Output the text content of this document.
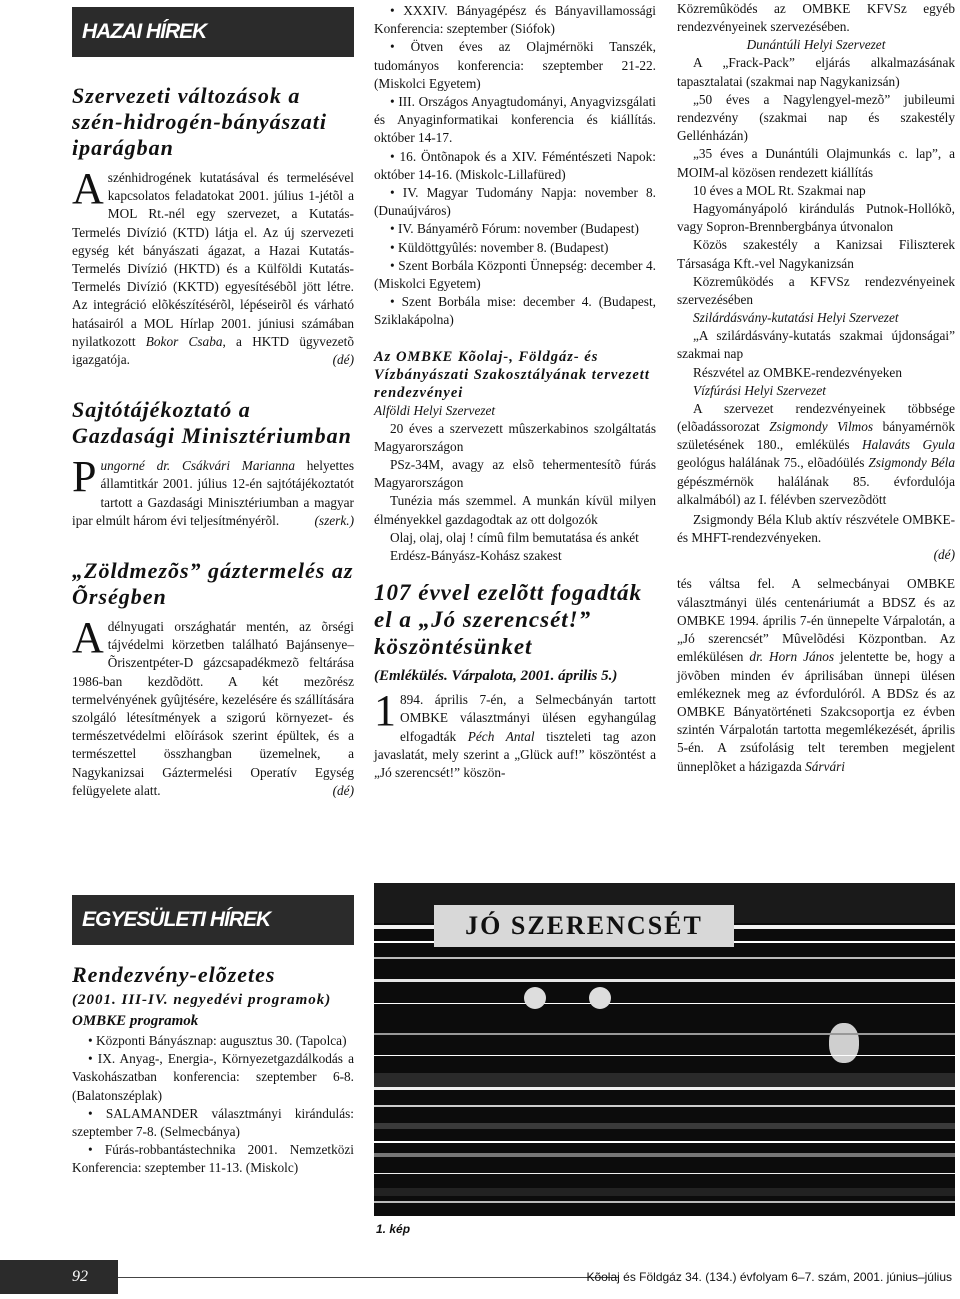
HAZAI HÍREK
Szervezeti változások a szén-hidrogén-bányászati iparágban

Aszénhidrogének kutatásával és termelésével kapcsolatos feladatokat 2001. július 1-jétõl a MOL Rt.-nél egy szervezet, a Kutatás-Termelés Divízió (KTD) látja el. Az új szervezeti egység két bányászati ágazat, a Hazai Kutatás-Termelés Divízió (HKTD) és a Külföldi Kutatás-Termelés Divízió (KKTD) egyesítésébõl jött létre. Az integráció elõkészítésérõl, lépéseirõl és várható hatásairól a MOL Hírlap 2001. júniusi számában nyilatkozott Bokor Csaba, a HKTD ügyvezetõ igazgatója.	(dé)

Sajtótájékoztató a Gazdasági Minisztériumban

Pungorné dr. Csákvári Marianna helyettes államtitkár 2001. július 12-én sajtótájékoztatót tartott a Gazdasági Minisztériumban a magyar ipar elmúlt három évi teljesítményérõl.	(szerk.)

„Zöldmezõs” gáztermelés az Õrségben

Adélnyugati országhatár mentén, az õrségi tájvédelmi körzetben található Bajánsenye–Õriszentpéter-D gázcsapadékmezõ feltárása 1986-ban kezdõdött. A két mezõrész termelvényének gyûjtésére, kezelésére és szállítására szolgáló létesítmények a szigorú környezet- és természetvédelmi elõírások szerint épültek, és a természettel összhangban üzemelnek, a Nagykanizsai Gáztermelési Operatív Egység felügyelete alatt.	(dé)

EGYESÜLETI HÍREK
Rendezvény-elõzetes
(2001. III-IV. negyedévi programok)
OMBKE programok
• Központi Bányásznap: augusztus 30. (Tapolca)
• IX. Anyag-, Energia-, Környezetgazdálkodás a Vaskohászatban konferencia: szeptember 6-8. (Balatonszéplak)
• SALAMANDER választmányi kirándulás: szeptember 7-8. (Selmecbánya)
• Fúrás-robbantástechnika 2001. Nemzetközi Konferencia: szeptember 11-13. (Miskolc)
• XXXIV. Bányagépész és Bányavillamossági Konferencia: szeptember (Siófok)
• Ötven éves az Olajmérnöki Tanszék, tudományos konferencia: szeptember 21-22. (Miskolci Egyetem)
• III. Országos Anyagtudományi, Anyagvizsgálati és Anyaginformatikai konferencia és kiállítás. október 14-17.
• 16. Öntõnapok és a XIV. Féméntészeti Napok: október 14-16. (Miskolc-Lillafüred)
• IV. Magyar Tudomány Napja: november 8. (Dunaújváros)
• IV. Bányamérõ Fórum: november (Budapest)
• Küldöttgyûlés: november 8. (Budapest)
• Szent Borbála Központi Ünnepség: december 4. (Miskolci Egyetem)
• Szent Borbála mise: december 4. (Budapest, Sziklakápolna)
Az OMBKE Kõolaj-, Földgáz- és Vízbányászati Szakosztályának tervezett rendezvényei
Alföldi Helyi Szervezet
20 éves a szervezett mûszerkabinos szolgáltatás Magyarországon
PSz-34M, avagy az elsõ tehermentesítõ fúrás Magyarországon
Tunézia más szemmel. A munkán kívül milyen élményekkel gazdagodtak az ott dolgozók
Olaj, olaj, olaj ! címû film bemutatása és ankét
Erdész-Bányász-Kohász szakest
107 évvel ezelõtt fogadták el a „Jó szerencsét!” köszöntésünket
(Emlékülés. Várpalota, 2001. április 5.)

1 894. április 7-én, a Selmecbányán tartott OMBKE választmányi ülésen egyhangúlag elfogadták Péch Antal tisztelеti tag azon javaslatát, mely szerint a „Glück auf!” köszöntést a „Jó szerencsét!” köszön-

Közremûködés az OMBKE KFVSz egyéb rendezvényeinek szervezésében.

Dunántúli Helyi Szervezet
A „Frack-Pack” eljárás alkalmazásának tapasztalatai (szakmai nap Nagykanizsán)
„50 éves a Nagylengyel-mezõ” jubileumi rendezvény (szakmai nap és szakestély Gellénházán)
„35 éves a Dunántúli Olajmunkás c. lap”, a MOIM-al közösen rendezett kiállítás
10 éves a MOL Rt. Szakmai nap
Hagyományápoló kirándulás Putnok-Hollókõ, vagy Sopron-Brennbergbánya útvonalon
Közös szakestély a Kanizsai Filiszterek Társasága Kft.-vel Nagykanizsán
Közremûködés a KFVSz rendezvényeinek szervezésében
Szilárdásvány-kutatási Helyi Szervezet
„A szilárdásvány-kutatás szakmai újdonságai” szakmai nap
Részvétel az OMBKE-rendezvényeken
Vízfúrási Helyi Szervezet

A szervezet rendezvényeinek többsége (elõadássorozat Zsigmondy Vilmos bányamérnök születésének 180., emlékülés Halaváts Gyula geológus halálának 75., elõadóülés Zsigmondy Béla gépészmérnök halálának 85. évfordulója alkalmából) az I. félévben szervezõdött

Zsigmondy Béla Klub aktív részvétele OMBKE- és MHFT-rendezvényeken.

(dé)

tés váltsa fel. A selmecbányai OMBKE választmányi ülés centenáriumát a BDSZ és az OMBKE 1994. április 7-én ünnepelte Várpalotán, a „Jó szerencsét” Mûvelõdési Központban. Az emlékülésen dr. Horn János jelentette be, hogy a jövõben minden év áprilisában ünnepi ülésen emlékeznek meg az évfordulóról. A BDSz és az OMBKE Bányatörténeti Szakcsoportja ez évben szintén Várpalotán tartotta megemlékezését, április 5-én. A zsúfolásig telt teremben megjelent ünneplõket a házigazda Sárvári

JÓ SZERENCSÉT
1. kép
92	Kõolaj és Földgáz 34. (134.) évfolyam 6–7. szám, 2001. június–július
